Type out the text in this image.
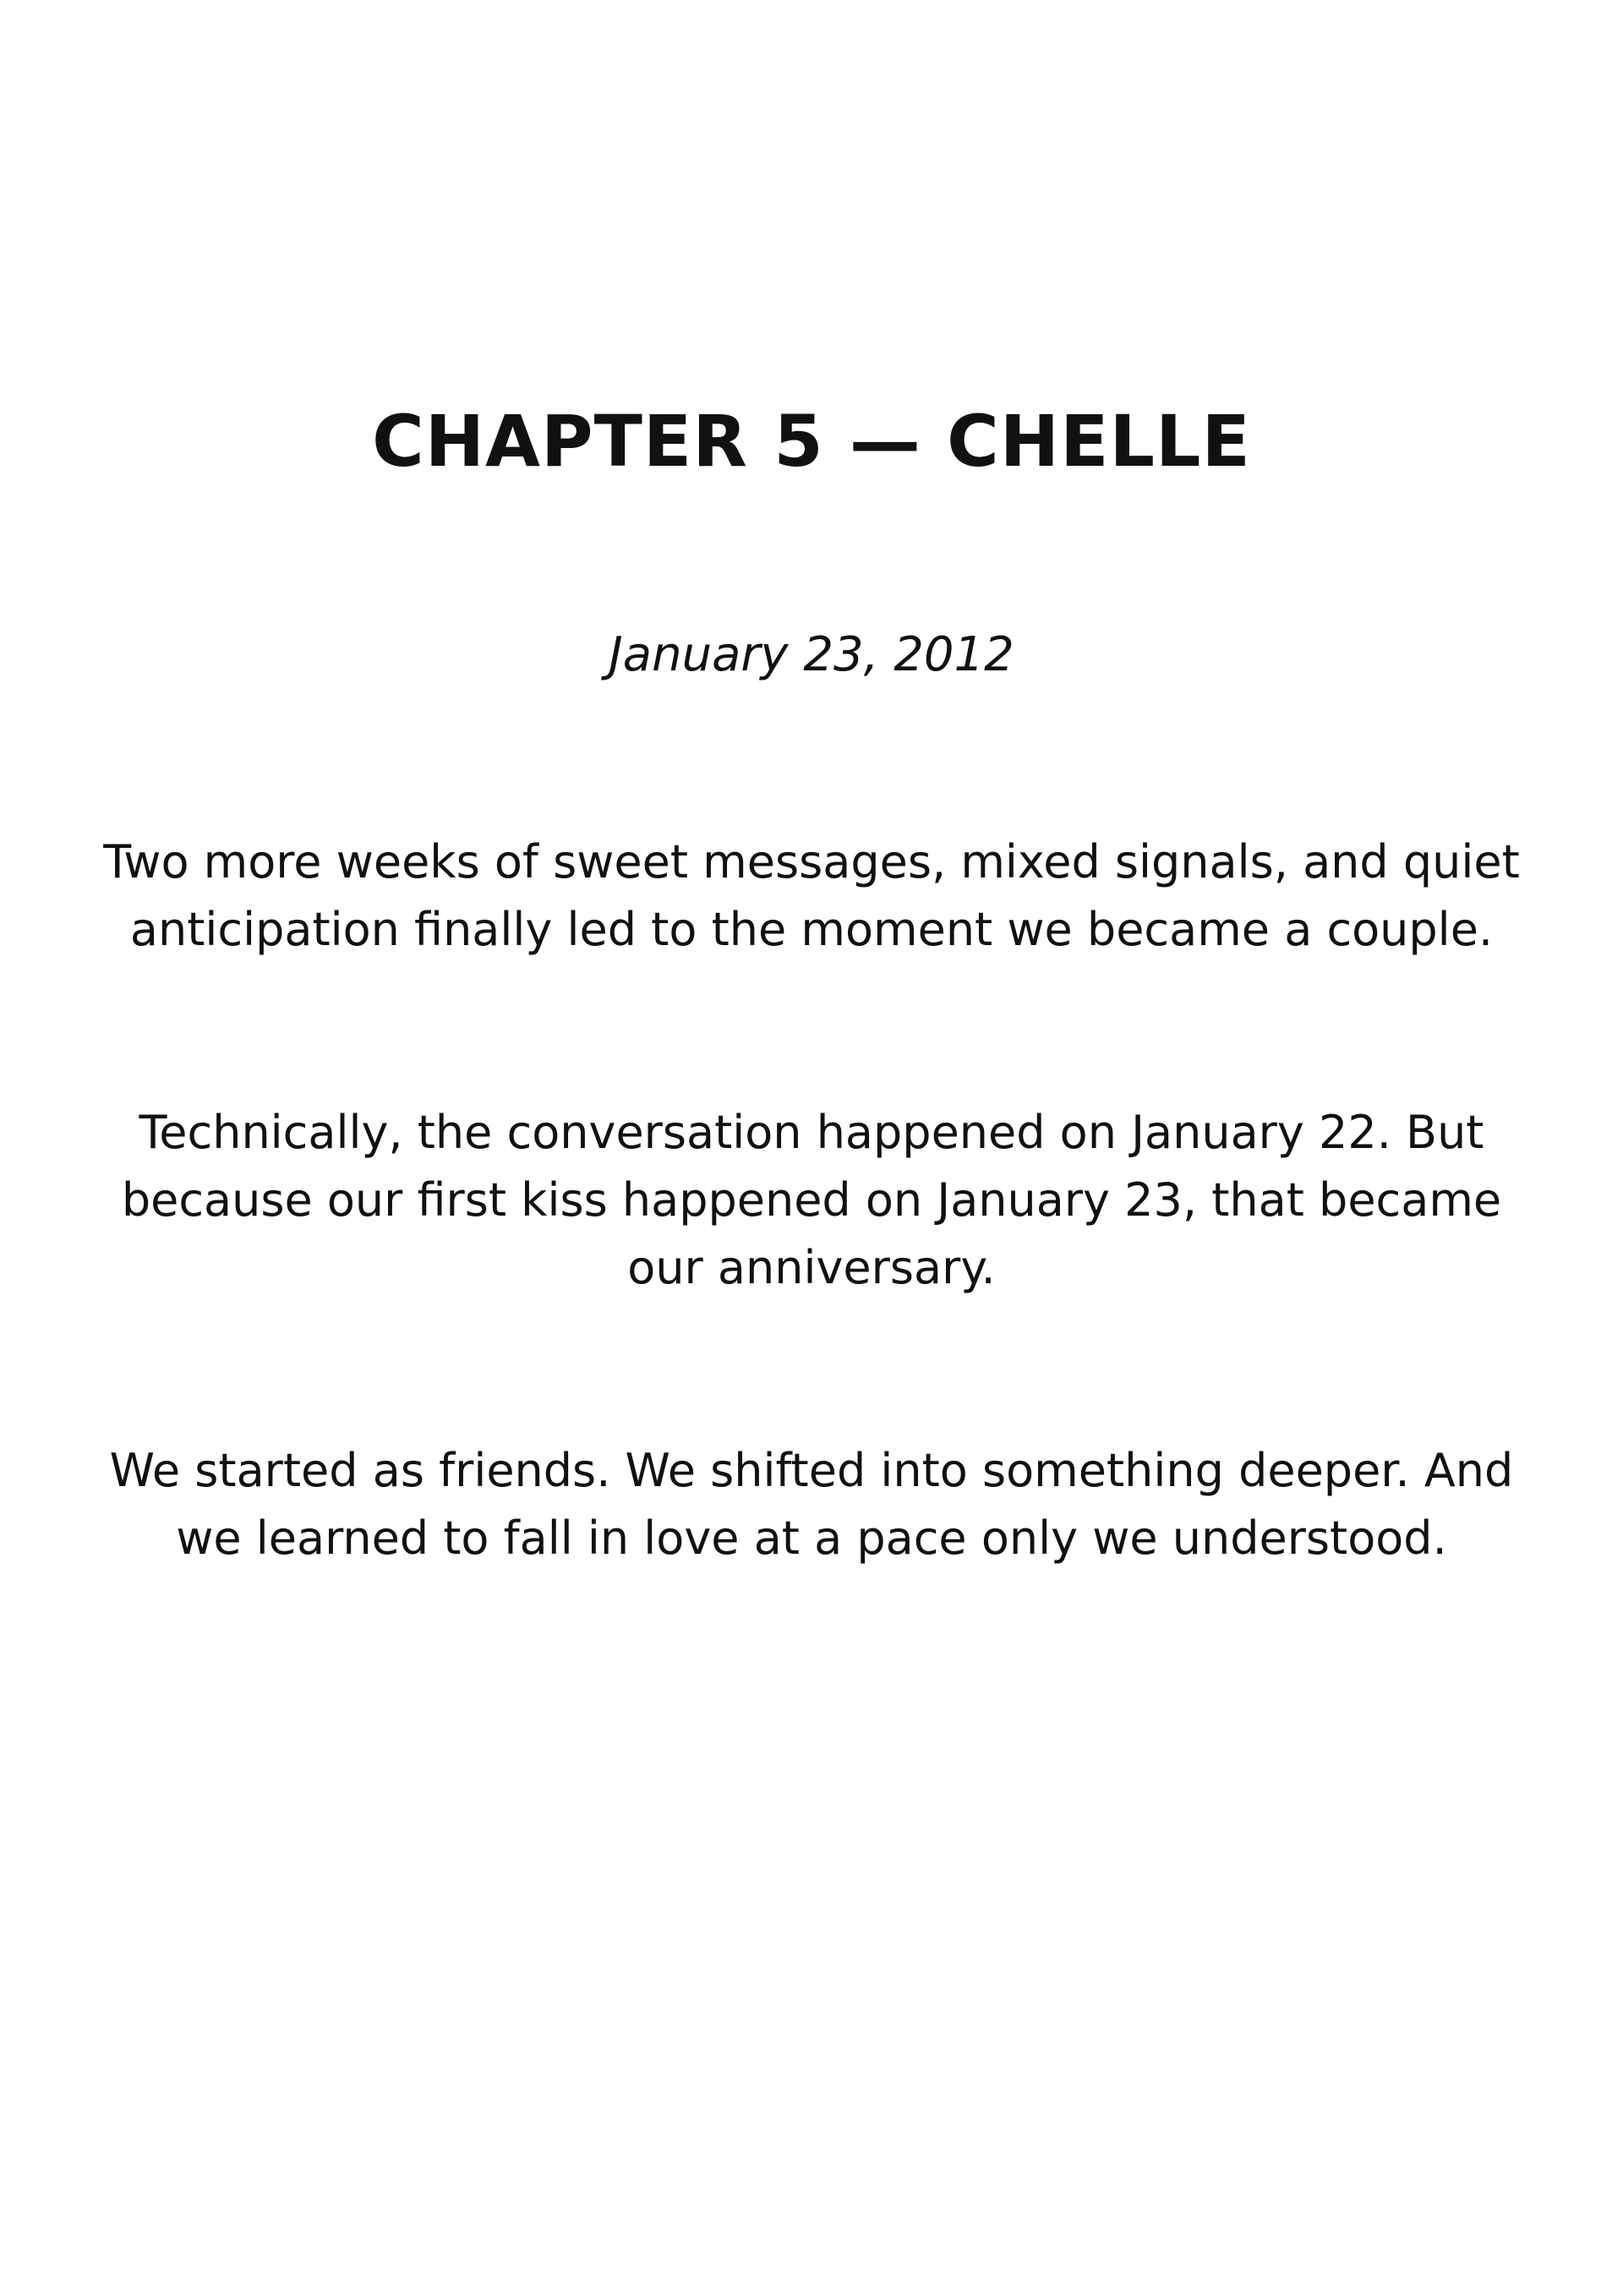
CHAPTER 5 — CHELLE

January 23, 2012

Two more weeks of sweet messages, mixed signals, and quiet anticipation finally led to the moment we became a couple.

Technically, the conversation happened on January 22. But because our first kiss happened on January 23, that became our anniversary.

We started as friends. We shifted into something deeper. And we learned to fall in love at a pace only we understood.
